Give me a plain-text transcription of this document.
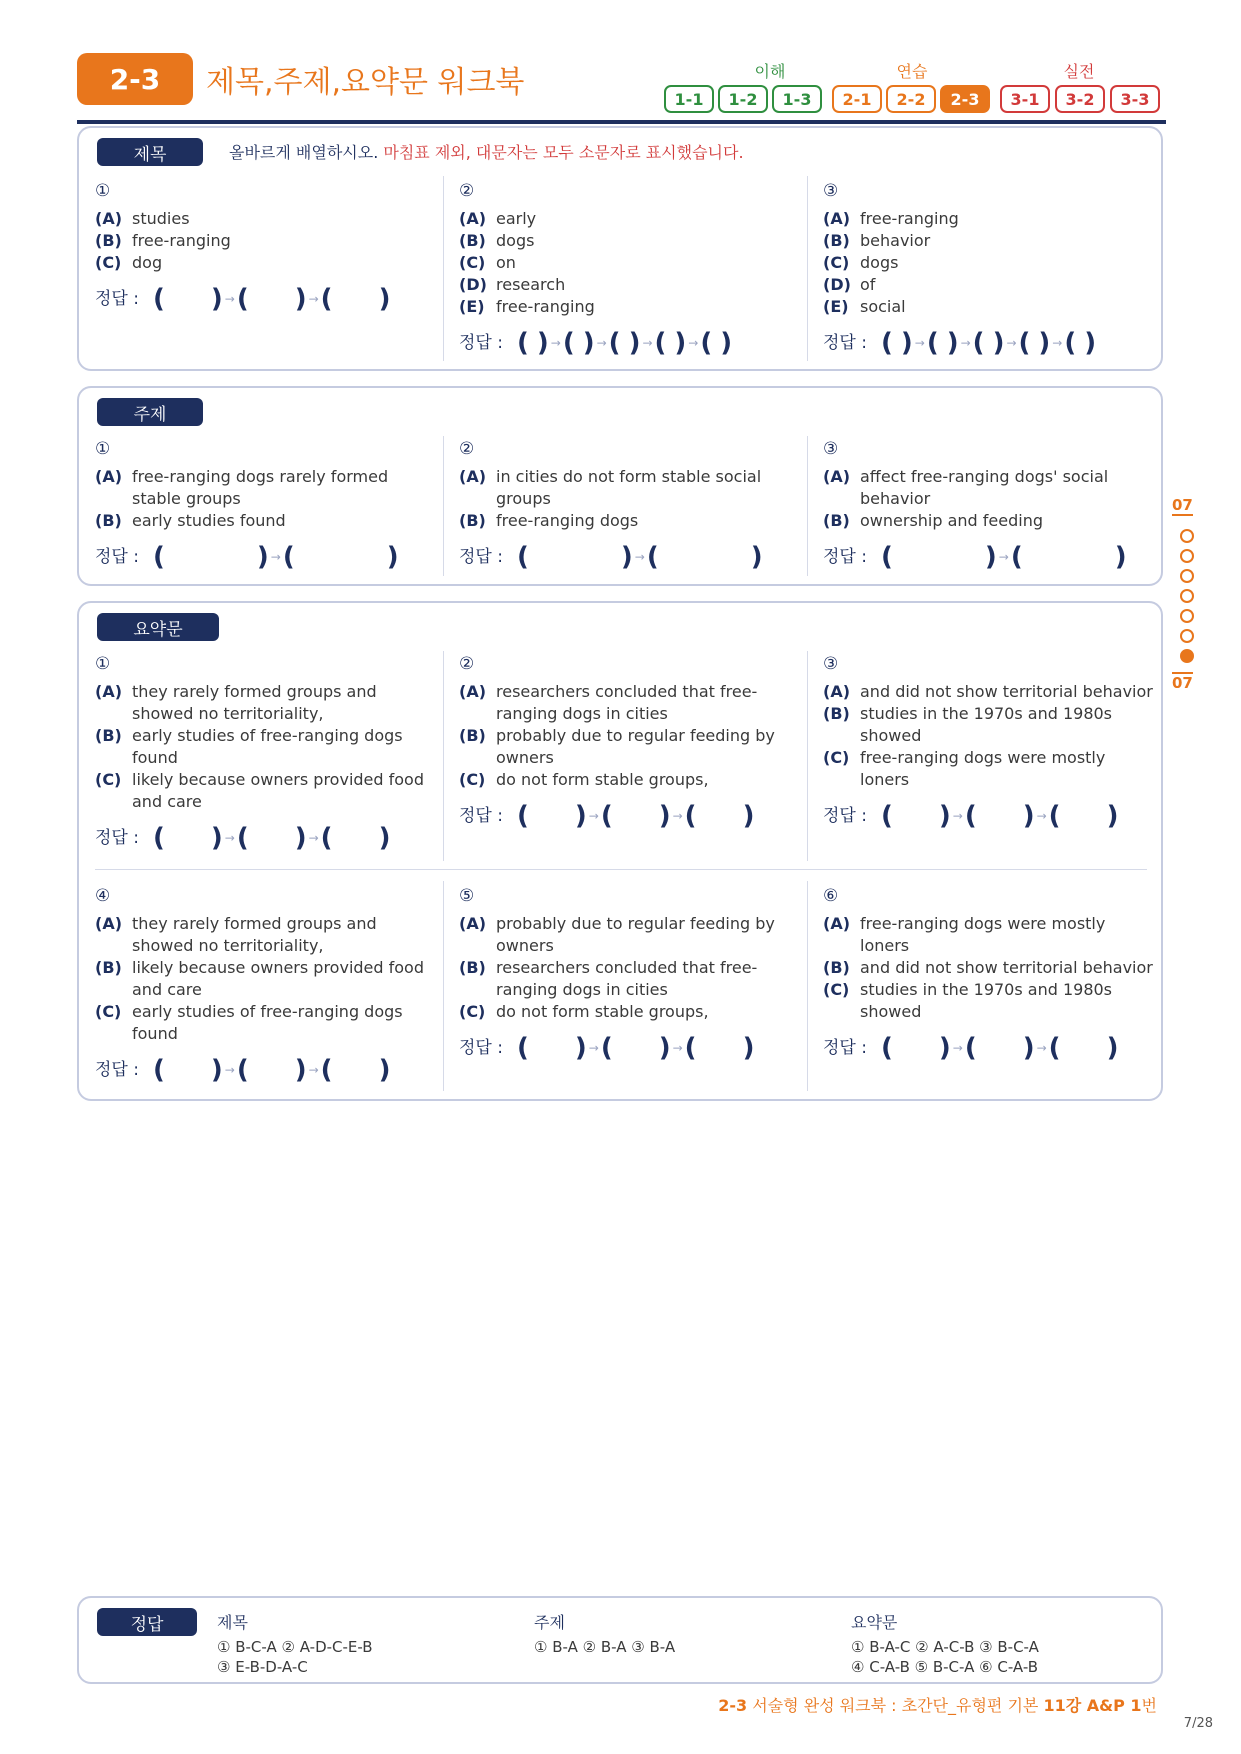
2-3	제목,주제,요약문 워크북	이해	연습	실전
1-1	1-2	1-3	2-1	2-2	2-3	3-1	3-2	3-3
제목	올바르게 배열하시오. 마침표 제외, 대문자는 모두 소문자로 표시했습니다.
①
(A) studies
(B) free-ranging
(C) dog
정답 : ( ) → ( ) → ( )
②
(A) early
(B) dogs
(C) on
(D) research
(E) free-ranging
정답 : ( ) → ( ) → ( ) → ( ) → ( )
③
(A) free-ranging
(B) behavior
(C) dogs
(D) of
(E) social
정답 : ( ) → ( ) → ( ) → ( ) → ( )
주제
①
(A) free-ranging dogs rarely formed stable groups
(B) early studies found
정답 : (	) → (	)
②
(A) in cities do not form stable social groups
(B) free-ranging dogs
정답 : (	) → (	)
③
(A) affect free-ranging dogs' social behavior
(B) ownership and feeding
정답 : (	) → (	)
요약문
①
(A) they rarely formed groups and showed no territoriality,
(B) early studies of free-ranging dogs found
(C) likely because owners provided food and care
정답 : ( ) → ( ) → ( )
②
(A) researchers concluded that free-ranging dogs in cities
(B) probably due to regular feeding by owners
(C) do not form stable groups,
정답 : ( ) → ( ) → ( )
③
(A) and did not show territorial behavior
(B) studies in the 1970s and 1980s showed
(C) free-ranging dogs were mostly loners
정답 : ( ) → ( ) → ( )
④
(A) they rarely formed groups and showed no territoriality,
(B) likely because owners provided food and care
(C) early studies of free-ranging dogs found
정답 : ( ) → ( ) → ( )
⑤
(A) probably due to regular feeding by owners
(B) researchers concluded that free-ranging dogs in cities
(C) do not form stable groups,
정답 : ( ) → ( ) → ( )
⑥
(A) free-ranging dogs were mostly loners
(B) and did not show territorial behavior
(C) studies in the 1970s and 1980s showed
정답 : ( ) → ( ) → ( )
07
07
정답	제목
① B-C-A ② A-D-C-E-B
③ E-B-D-A-C
주제
① B-A ② B-A ③ B-A
요약문
① B-A-C ② A-C-B ③ B-C-A
④ C-A-B ⑤ B-C-A ⑥ C-A-B
2-3 서술형 완성 워크북 : 초간단_유형편 기본 11강 A&P 1번
7/28
